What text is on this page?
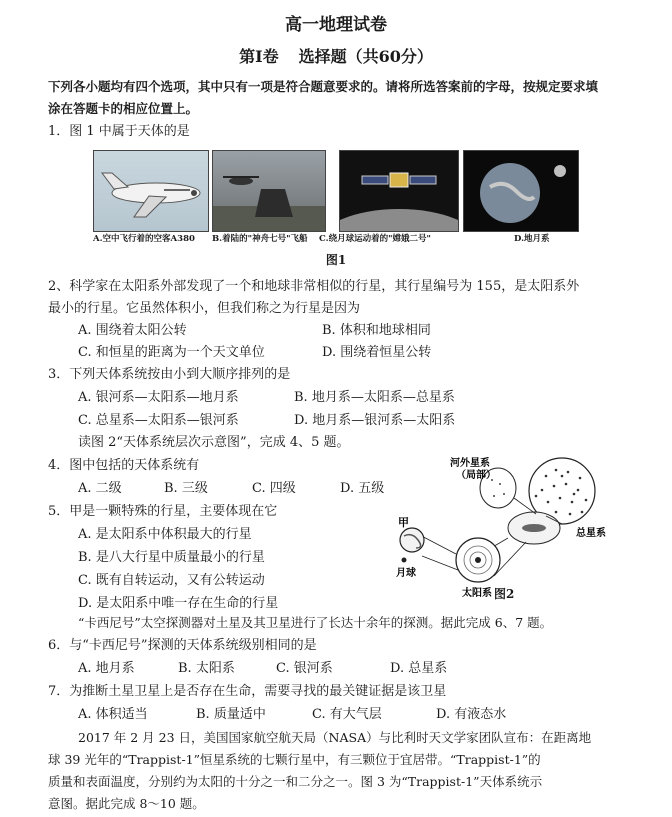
高一地理试卷
第Ⅰ卷 选择题（共60分）
下列各小题均有四个选项，其中只有一项是符合题意要求的。请将所选答案前的字母，按规定要求填
涂在答题卡的相应位置上。
1．图 1 中属于天体的是
A.空中飞行着的空客A380 B.着陆的"神舟七号"飞船 C.绕月球运动着的"嫦娥二号"	D.地月系
图1
2、科学家在太阳系外部发现了一个和地球非常相似的行星，其行星编号为 155，是太阳系外
最小的行星。它虽然体积小，但我们称之为行星是因为
A. 围绕着太阳公转	B. 体积和地球相同
C. 和恒星的距离为一个天文单位	D. 围绕着恒星公转
3．下列天体系统按由小到大顺序排列的是
A. 银河系—太阳系—地月系	B. 地月系—太阳系—总星系
C. 总星系—太阳系—银河系	D. 地月系—银河系—太阳系
读图 2“天体系统层次示意图”，完成 4、5 题。
4．图中包括的天体系统有
A. 二级	B. 三级	C. 四级	D. 五级
5．甲是一颗特殊的行星，主要体现在它
A. 是太阳系中体积最大的行星
B. 是八大行星中质量最小的行星
C. 既有自转运动，又有公转运动
D. 是太阳系中唯一存在生命的行星
河外星系
（局部）
总星系
甲
月球
太阳系 图2
“卡西尼号”太空探测器对土星及其卫星进行了长达十余年的探测。据此完成 6、7 题。
6．与“卡西尼号”探测的天体系统级别相同的是
A. 地月系	B. 太阳系	C. 银河系	D. 总星系
7．为推断土星卫星上是否存在生命，需要寻找的最关键证据是该卫星
A. 体积适当	B. 质量适中	C. 有大气层	D. 有液态水
2017 年 2 月 23 日，美国国家航空航天局（NASA）与比利时天文学家团队宣布：在距离地
球 39 光年的“Trappist-1”恒星系统的七颗行星中，有三颗位于宜居带。“Trappist-1”的
质量和表面温度，分别约为太阳的十分之一和二分之一。图 3 为“Trappist-1”天体系统示
意图。据此完成 8～10 题。
